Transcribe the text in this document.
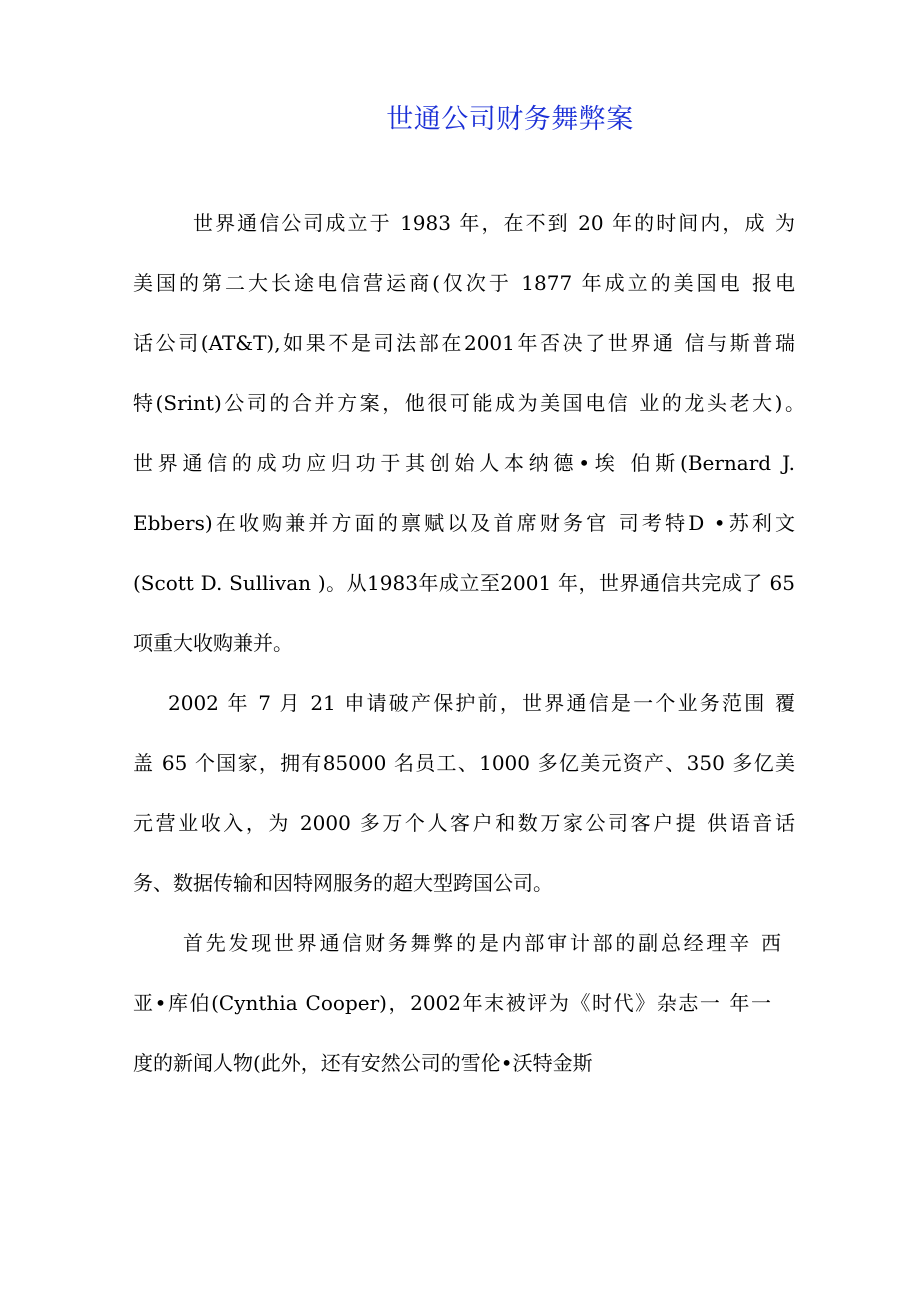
世通公司财务舞弊案
世界通信公司成立于 1983 年，在不到 20 年的时间内，成 为
美国的第二大长途电信营运商(仅次于 1877 年成立的美国电 报电
话公司(AT&T),如果不是司法部在2001年否决了世界通 信与斯普瑞
特(Srint)公司的合并方案，他很可能成为美国电信 业的龙头老大)。
世界通信的成功应归功于其创始人本纳德•埃 伯斯(Bernard J.
Ebbers)在收购兼并方面的禀赋以及首席财务官 司考特D •苏利文
(Scott D. Sullivan )。从1983年成立至2001 年，世界通信共完成了 65
项重大收购兼并。
2002 年 7 月 21 申请破产保护前，世界通信是一个业务范围 覆
盖 65 个国家，拥有85000 名员工、1000 多亿美元资产、350 多亿美
元营业收入，为 2000 多万个人客户和数万家公司客户提 供语音话
务、数据传输和因特网服务的超大型跨国公司。
首先发现世界通信财务舞弊的是内部审计部的副总经理辛 西
亚•库伯(Cynthia Cooper)，2002年末被评为《时代》杂志一 年一
度的新闻人物(此外，还有安然公司的雪伦•沃特金斯
